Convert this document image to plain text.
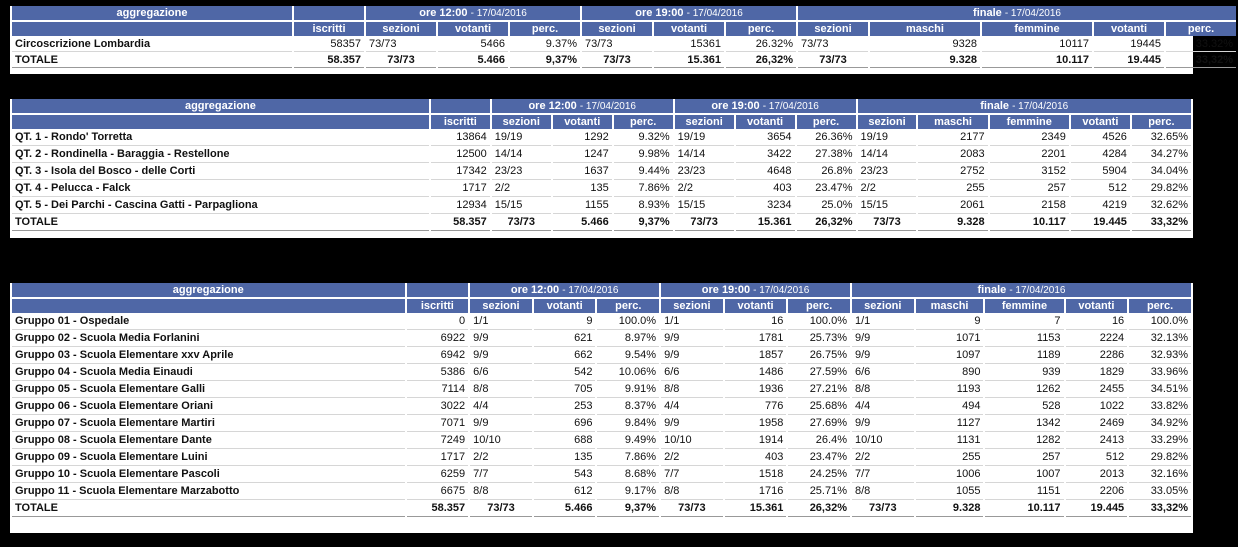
aggregazione		ore 12:00 - 17/04/2016			ore 19:00 - 17/04/2016			finale - 17/04/2016				
	iscritti	sezioni	votanti	perc.	sezioni	votanti	perc.	sezioni	maschi	femmine	votanti	perc.
Circoscrizione Lombardia	58357	73/73	5466	9.37%	73/73	15361	26.32%	73/73	9328	10117	19445	33.32%
TOTALE	58.357	73/73	5.466	9,37%	73/73	15.361	26,32%	73/73	9.328	10.117	19.445	33,32%
aggregazione		ore 12:00 - 17/04/2016			ore 19:00 - 17/04/2016			finale - 17/04/2016				
	iscritti	sezioni	votanti	perc.	sezioni	votanti	perc.	sezioni	maschi	femmine	votanti	perc.
QT. 1 - Rondo' Torretta	13864	19/19	1292	9.32%	19/19	3654	26.36%	19/19	2177	2349	4526	32.65%
QT. 2 - Rondinella - Baraggia - Restellone	12500	14/14	1247	9.98%	14/14	3422	27.38%	14/14	2083	2201	4284	34.27%
QT. 3 - Isola del Bosco - delle Corti	17342	23/23	1637	9.44%	23/23	4648	26.8%	23/23	2752	3152	5904	34.04%
QT. 4 - Pelucca - Falck	1717	2/2	135	7.86%	2/2	403	23.47%	2/2	255	257	512	29.82%
QT. 5 - Dei Parchi - Cascina Gatti - Parpagliona	12934	15/15	1155	8.93%	15/15	3234	25.0%	15/15	2061	2158	4219	32.62%
TOTALE	58.357	73/73	5.466	9,37%	73/73	15.361	26,32%	73/73	9.328	10.117	19.445	33,32%
aggregazione		ore 12:00 - 17/04/2016			ore 19:00 - 17/04/2016			finale - 17/04/2016				
	iscritti	sezioni	votanti	perc.	sezioni	votanti	perc.	sezioni	maschi	femmine	votanti	perc.
Gruppo 01 - Ospedale	0	1/1	9	100.0%	1/1	16	100.0%	1/1	9	7	16	100.0%
Gruppo 02 - Scuola Media Forlanini	6922	9/9	621	8.97%	9/9	1781	25.73%	9/9	1071	1153	2224	32.13%
Gruppo 03 - Scuola Elementare xxv Aprile	6942	9/9	662	9.54%	9/9	1857	26.75%	9/9	1097	1189	2286	32.93%
Gruppo 04 - Scuola Media Einaudi	5386	6/6	542	10.06%	6/6	1486	27.59%	6/6	890	939	1829	33.96%
Gruppo 05 - Scuola Elementare Galli	7114	8/8	705	9.91%	8/8	1936	27.21%	8/8	1193	1262	2455	34.51%
Gruppo 06 - Scuola Elementare Oriani	3022	4/4	253	8.37%	4/4	776	25.68%	4/4	494	528	1022	33.82%
Gruppo 07 - Scuola Elementare Martiri	7071	9/9	696	9.84%	9/9	1958	27.69%	9/9	1127	1342	2469	34.92%
Gruppo 08 - Scuola Elementare Dante	7249	10/10	688	9.49%	10/10	1914	26.4%	10/10	1131	1282	2413	33.29%
Gruppo 09 - Scuola Elementare Luini	1717	2/2	135	7.86%	2/2	403	23.47%	2/2	255	257	512	29.82%
Gruppo 10 - Scuola Elementare Pascoli	6259	7/7	543	8.68%	7/7	1518	24.25%	7/7	1006	1007	2013	32.16%
Gruppo 11 - Scuola Elementare Marzabotto	6675	8/8	612	9.17%	8/8	1716	25.71%	8/8	1055	1151	2206	33.05%
TOTALE	58.357	73/73	5.466	9,37%	73/73	15.361	26,32%	73/73	9.328	10.117	19.445	33,32%
